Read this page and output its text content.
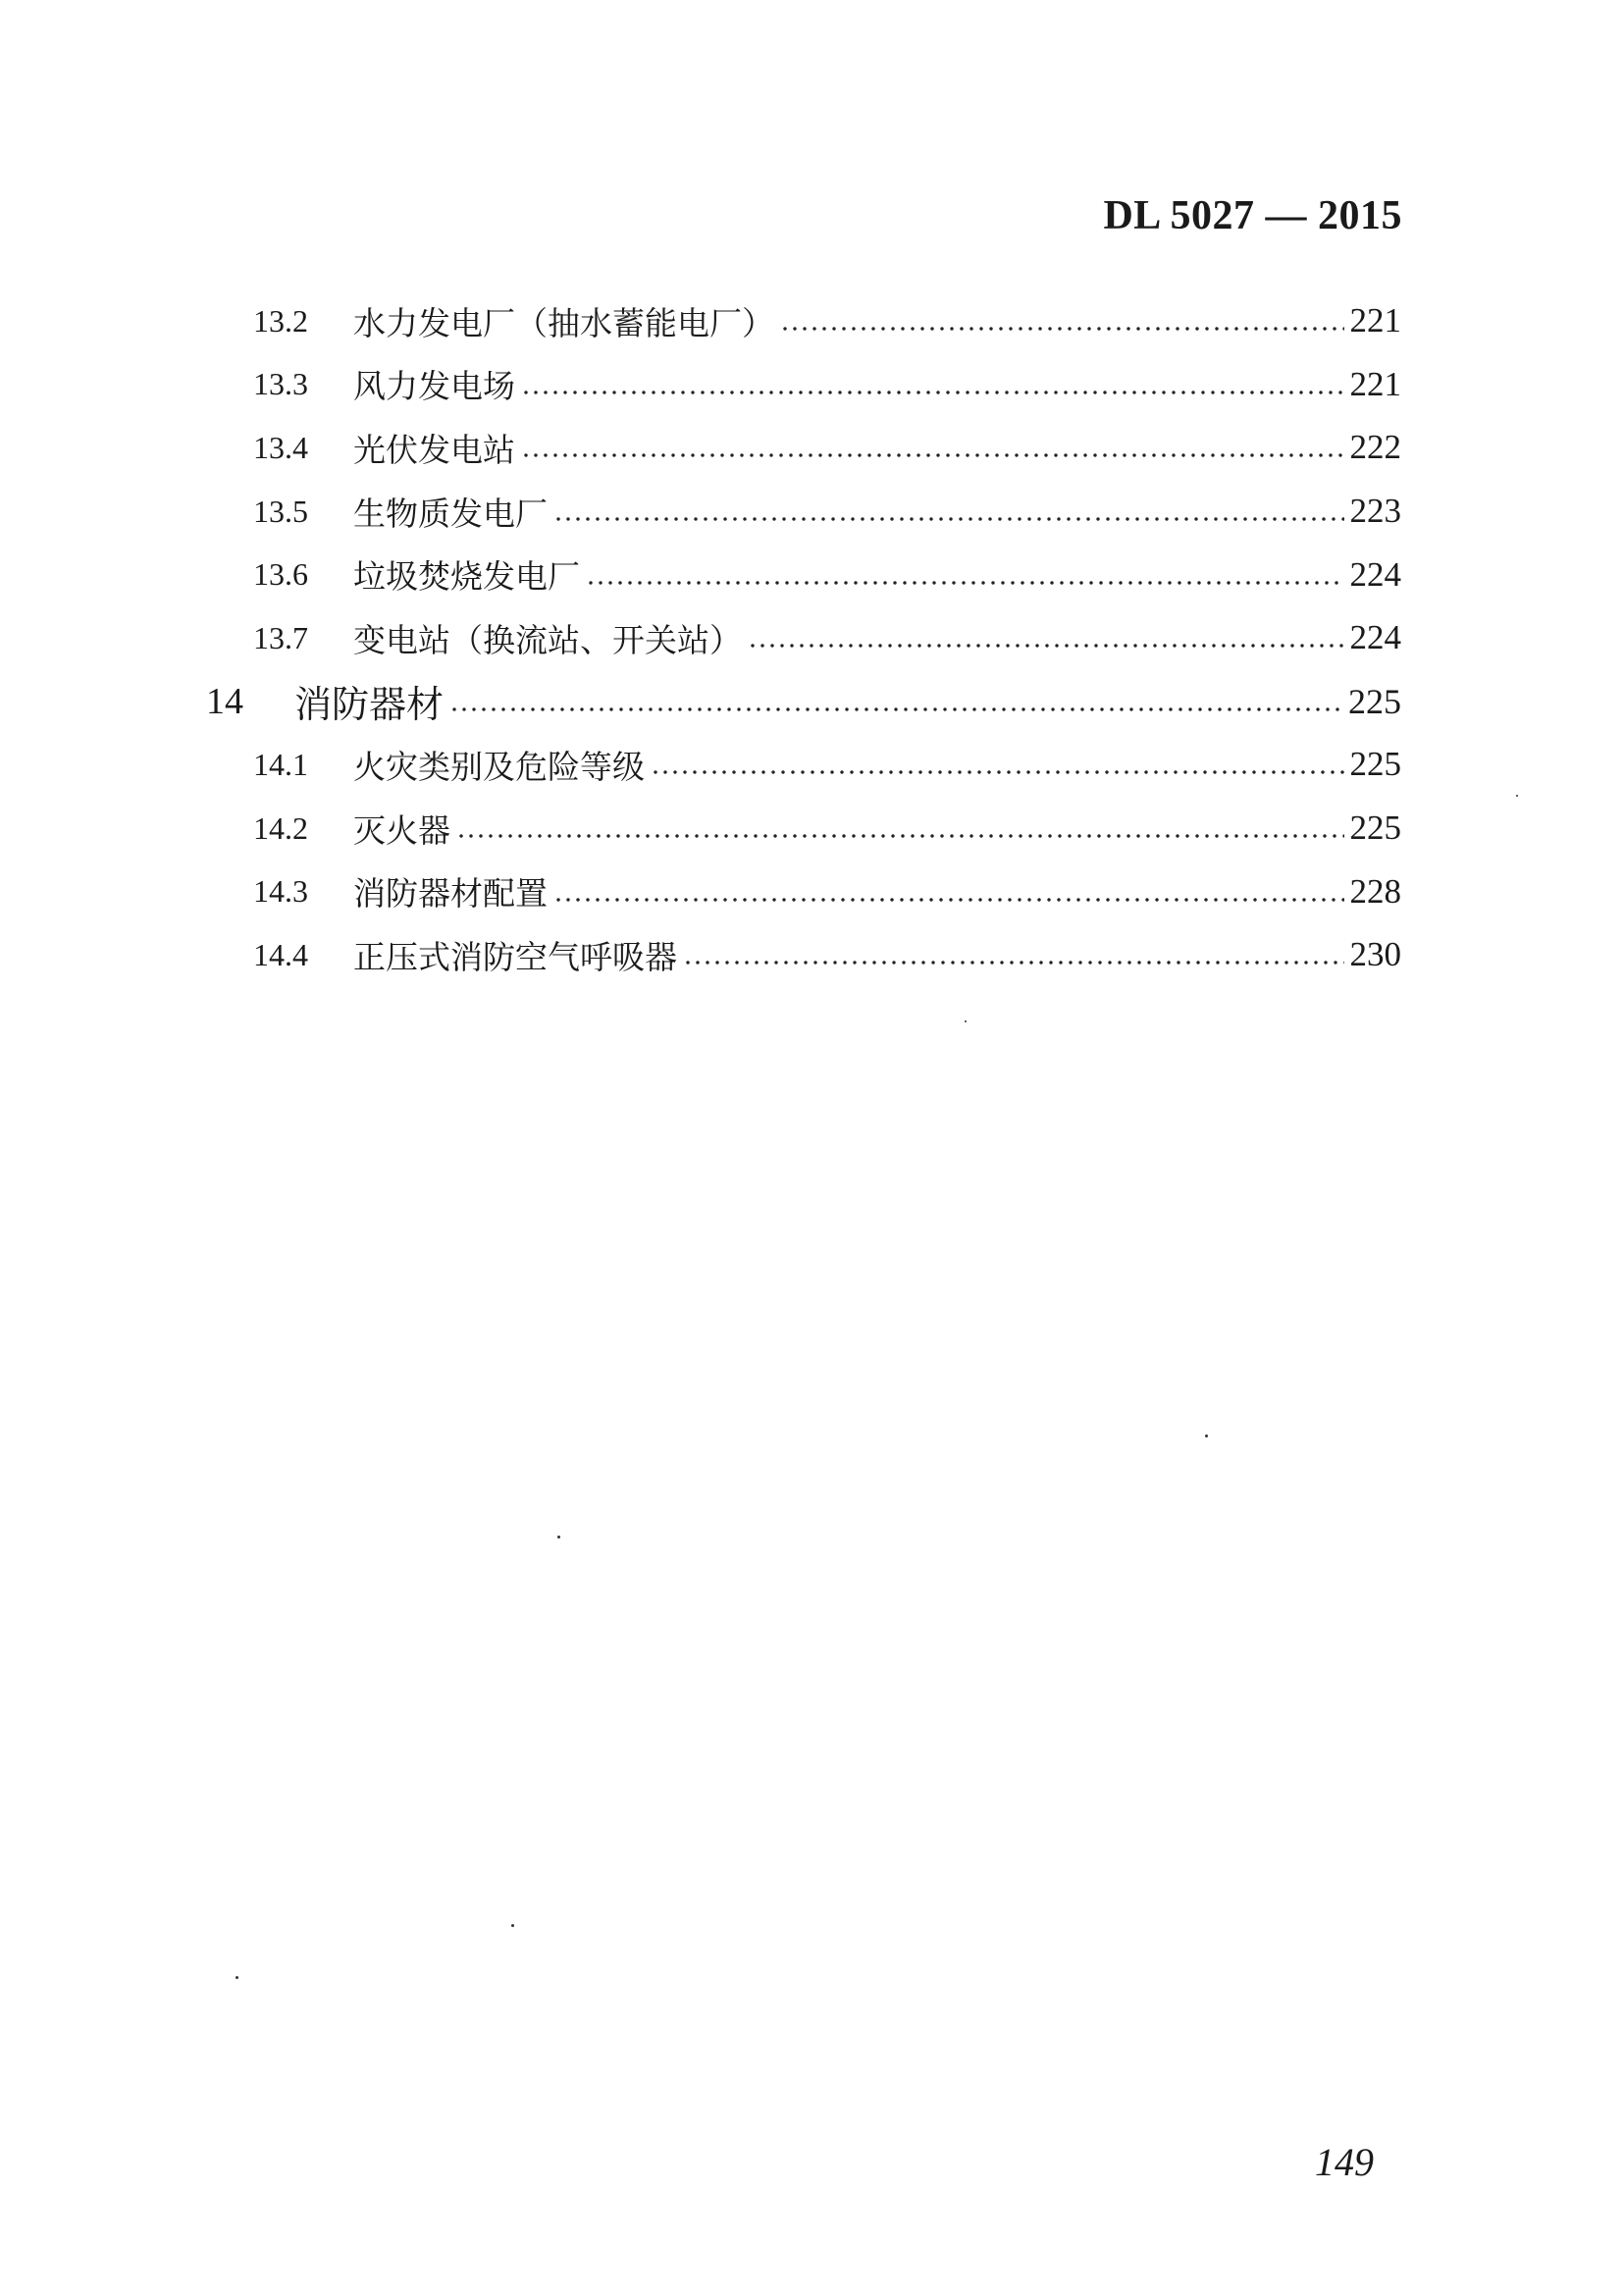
DL 5027 — 2015
13.2	水力发电厂（抽水蓄能电厂）	221
13.3	风力发电场	221
13.4	光伏发电站	222
13.5	生物质发电厂	223
13.6	垃圾焚烧发电厂	224
13.7	变电站（换流站、开关站）	224
14	消防器材	225
14.1	火灾类别及危险等级	225
14.2	灭火器	225
14.3	消防器材配置	228
14.4	正压式消防空气呼吸器	230
149
